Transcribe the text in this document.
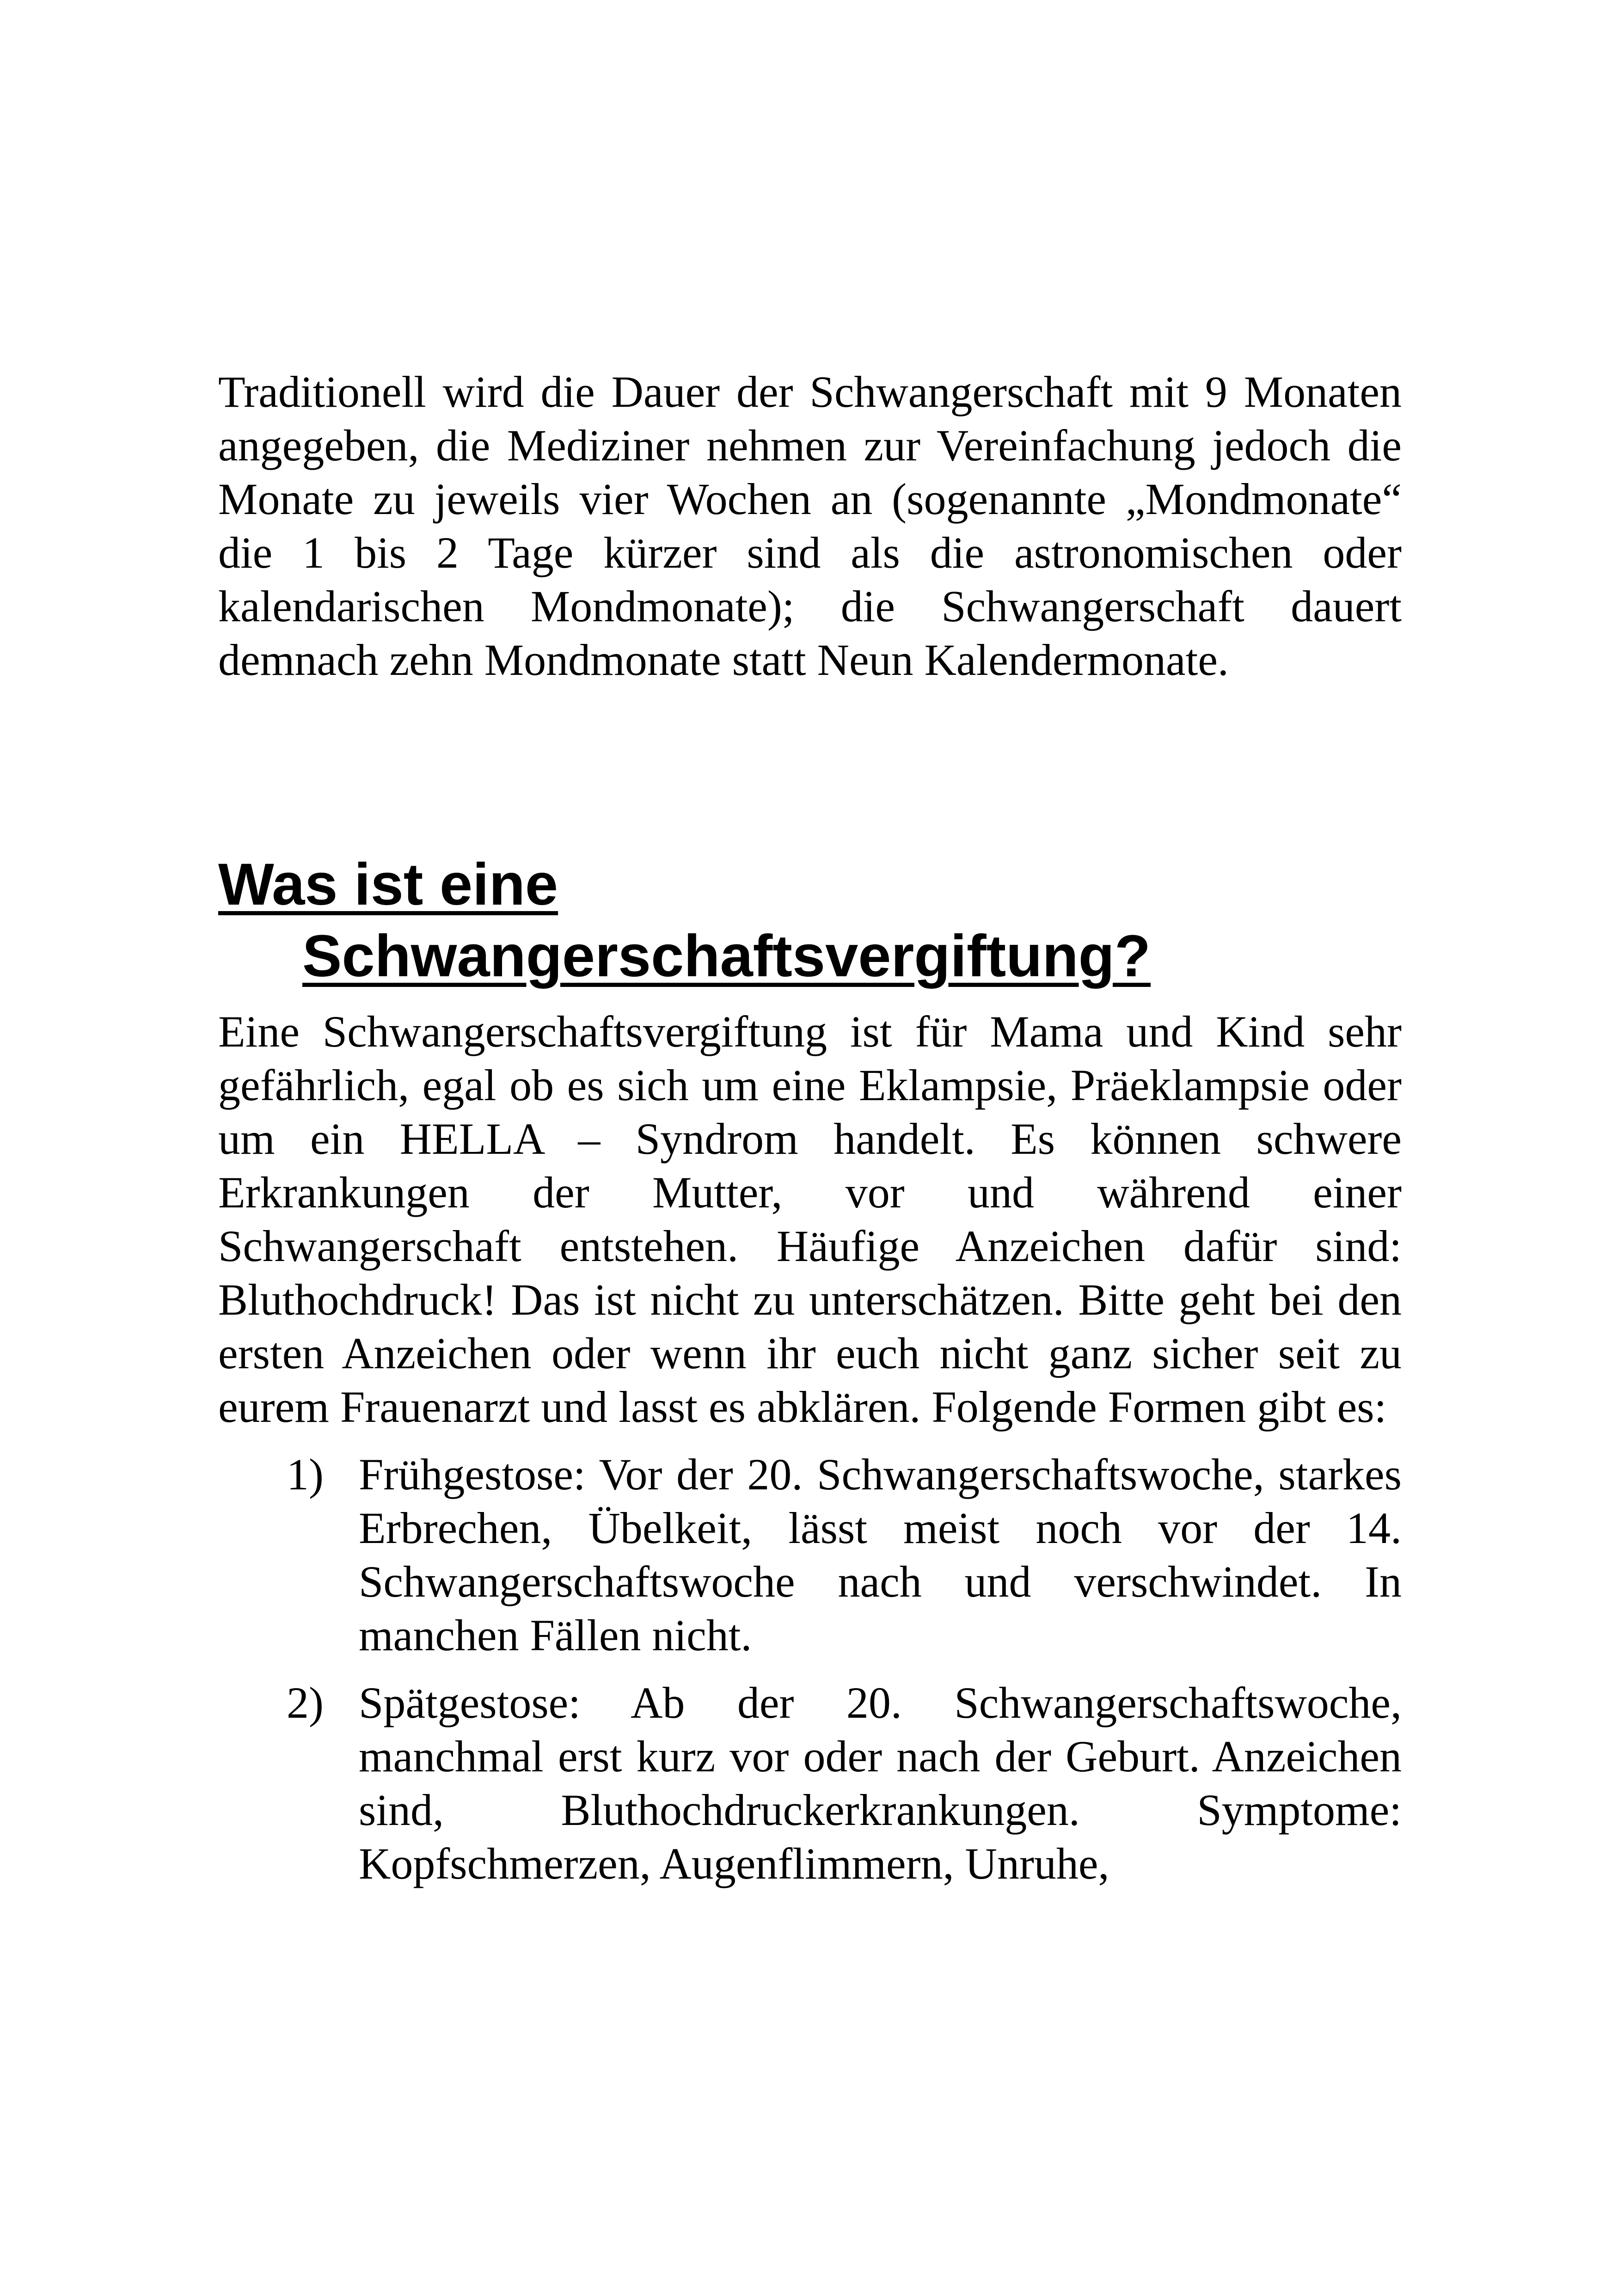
Traditionell wird die Dauer der Schwangerschaft mit 9 Monaten angegeben, die Mediziner nehmen zur Vereinfachung jedoch die Monate zu jeweils vier Wochen an (sogenannte „Mondmonate“ die 1 bis 2 Tage kürzer sind als die astronomischen oder kalendarischen Mondmonate); die Schwangerschaft dauert demnach zehn Mondmonate statt Neun Kalendermonate.

Was ist eine
Schwangerschaftsvergiftung?

Eine Schwangerschaftsvergiftung ist für Mama und Kind sehr gefährlich, egal ob es sich um eine Eklampsie, Präeklampsie oder um ein HELLA – Syndrom handelt. Es können schwere Erkrankungen der Mutter, vor und während einer Schwangerschaft entstehen. Häufige Anzeichen dafür sind: Bluthochdruck! Das ist nicht zu unterschätzen. Bitte geht bei den ersten Anzeichen oder wenn ihr euch nicht ganz sicher seit zu eurem Frauenarzt und lasst es abklären. Folgende Formen gibt es:

1) Frühgestose: Vor der 20. Schwangerschaftswoche, starkes Erbrechen, Übelkeit, lässt meist noch vor der 14. Schwangerschaftswoche nach und verschwindet. In manchen Fällen nicht.
2) Spätgestose: Ab der 20. Schwangerschaftswoche, manchmal erst kurz vor oder nach der Geburt. Anzeichen sind, Bluthochdruckerkrankungen. Symptome: Kopfschmerzen, Augenflimmern, Unruhe,
